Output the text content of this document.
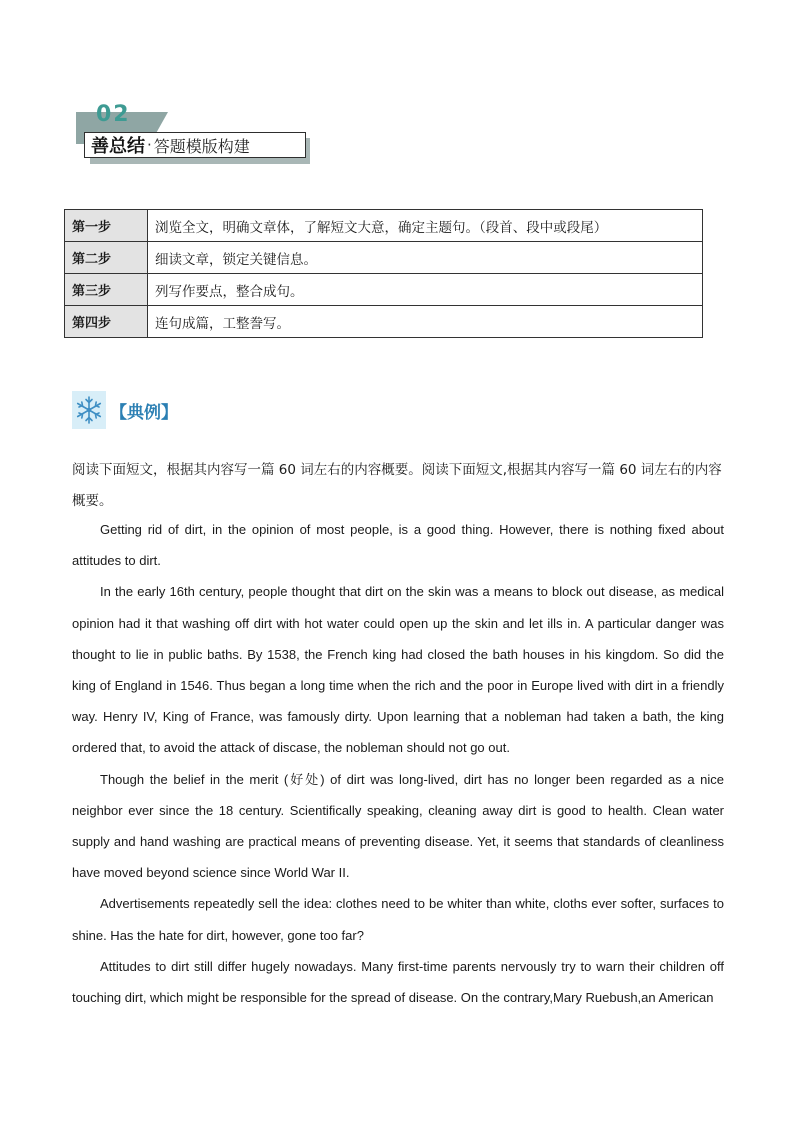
02
善总结 · 答题模版构建
第一步	浏览全文，明确文章体，了解短文大意，确定主题句。（段首、段中或段尾）
第二步	细读文章，锁定关键信息。
第三步	列写作要点，整合成句。
第四步	连句成篇，工整誊写。
【典例】
阅读下面短文，根据其内容写一篇 60 词左右的内容概要。阅读下面短文,根据其内容写一篇 60 词左右的内容概要。

Getting rid of dirt, in the opinion of most people, is a good thing. However, there is nothing fixed about attitudes to dirt.

In the early 16th century, people thought that dirt on the skin was a means to block out disease, as medical opinion had it that washing off dirt with hot water could open up the skin and let ills in. A particular danger was thought to lie in public baths. By 1538, the French king had closed the bath houses in his kingdom. So did the king of England in 1546. Thus began a long time when the rich and the poor in Europe lived with dirt in a friendly way. Henry IV, King of France, was famously dirty. Upon learning that a nobleman had taken a bath, the king ordered that, to avoid the attack of discase, the nobleman should not go out.

Though the belief in the merit (好处) of dirt was long-lived, dirt has no longer been regarded as a nice neighbor ever since the 18 century. Scientifically speaking, cleaning away dirt is good to health. Clean water supply and hand washing are practical means of preventing disease. Yet, it seems that standards of cleanliness have moved beyond science since World War II.

Advertisements repeatedly sell the idea: clothes need to be whiter than white, cloths ever softer, surfaces to shine. Has the hate for dirt, however, gone too far?

Attitudes to dirt still differ hugely nowadays. Many first-time parents nervously try to warn their children off touching dirt, which might be responsible for the spread of disease. On the contrary,Mary Ruebush,an American
